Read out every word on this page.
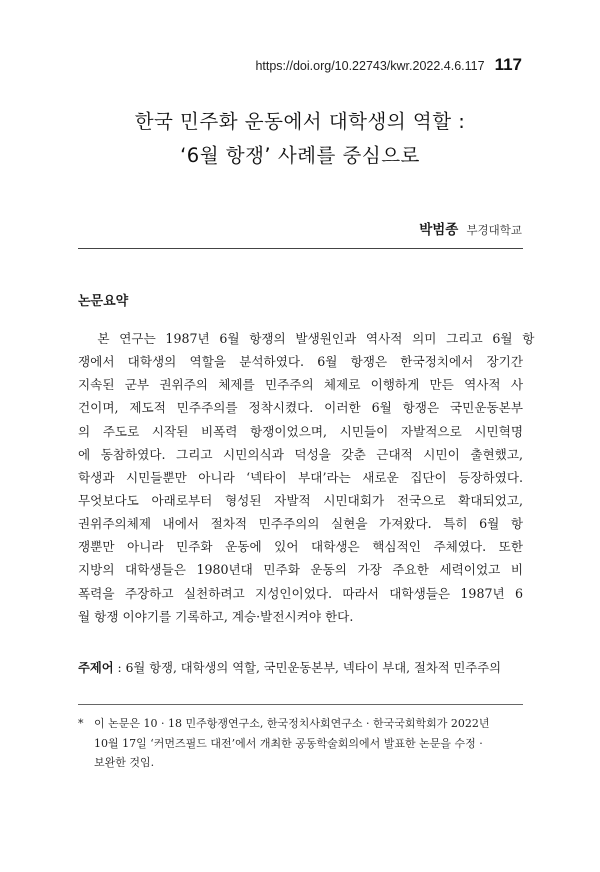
https://doi.org/10.22743/kwr.2022.4.6.117 117
한국 민주화 운동에서 대학생의 역할 :
‘6월 항쟁’ 사례를 중심으로
박범종 부경대학교
논문요약
본 연구는 1987년 6월 항쟁의 발생원인과 역사적 의미 그리고 6월 항
쟁에서 대학생의 역할을 분석하였다. 6월 항쟁은 한국정치에서 장기간
지속된 군부 권위주의 체제를 민주주의 체제로 이행하게 만든 역사적 사
건이며, 제도적 민주주의를 정착시켰다. 이러한 6월 항쟁은 국민운동본부
의 주도로 시작된 비폭력 항쟁이었으며, 시민들이 자발적으로 시민혁명
에 동참하였다. 그리고 시민의식과 덕성을 갖춘 근대적 시민이 출현했고,
학생과 시민들뿐만 아니라 ‘넥타이 부대’라는 새로운 집단이 등장하였다.
무엇보다도 아래로부터 형성된 자발적 시민대회가 전국으로 확대되었고,
권위주의체제 내에서 절차적 민주주의의 실현을 가져왔다. 특히 6월 항
쟁뿐만 아니라 민주화 운동에 있어 대학생은 핵심적인 주체였다. 또한
지방의 대학생들은 1980년대 민주화 운동의 가장 주요한 세력이었고 비
폭력을 주장하고 실천하려고 지성인이었다. 따라서 대학생들은 1987년 6
월 항쟁 이야기를 기록하고, 계승·발전시켜야 한다.
주제어 : 6월 항쟁, 대학생의 역할, 국민운동본부, 넥타이 부대, 절차적 민주주의
* 이 논문은 10 · 18 민주항쟁연구소, 한국정치사회연구소 · 한국국회학회가 2022년
10월 17일 ‘커먼즈필드 대전’에서 개최한 공동학술회의에서 발표한 논문을 수정 ·
보완한 것임.
